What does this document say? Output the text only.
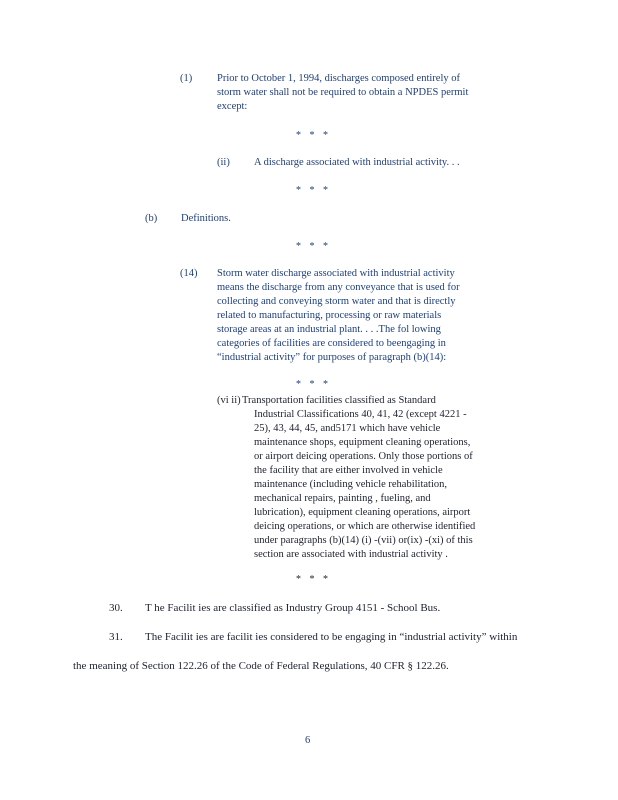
(1) Prior to October 1, 1994, discharges composed entirely of
storm water shall not be required to obtain a NPDES permit
except:
* * *
(ii) A discharge associated with industrial activity. . .
* * *
(b) Definitions.
* * *
(14) Storm water discharge associated with industrial activity
means the discharge from any conveyance that is used for
collecting and conveying storm water and that is directly
related to manufacturing, processing or raw materials
storage areas at an industrial plant. . . .The fol lowing
categories of facilities are considered to beengaging in
“industrial activity” for purposes of paragraph (b)(14):
* * *
(vi ii) Transportation facilities classified as Standard
Industrial Classifications 40, 41, 42 (except 4221 -
25), 43, 44, 45, and5171 which have vehicle
maintenance shops, equipment cleaning operations,
or airport deicing operations. Only those portions of
the facility that are either involved in vehicle
maintenance (including vehicle rehabilitation,
mechanical repairs, painting , fueling, and
lubrication), equipment cleaning operations, airport
deicing operations, or which are otherwise identified
under paragraphs (b)(14) (i) -(vii) or(ix) -(xi) of this
section are associated with industrial activity .
* * *
30. T he Facilit ies are classified as Industry Group 4151 - School Bus.
31. The Facilit ies are facilit ies considered to be engaging in “industrial activity” within
the meaning of Section 122.26 of the Code of Federal Regulations, 40 CFR § 122.26.
6
